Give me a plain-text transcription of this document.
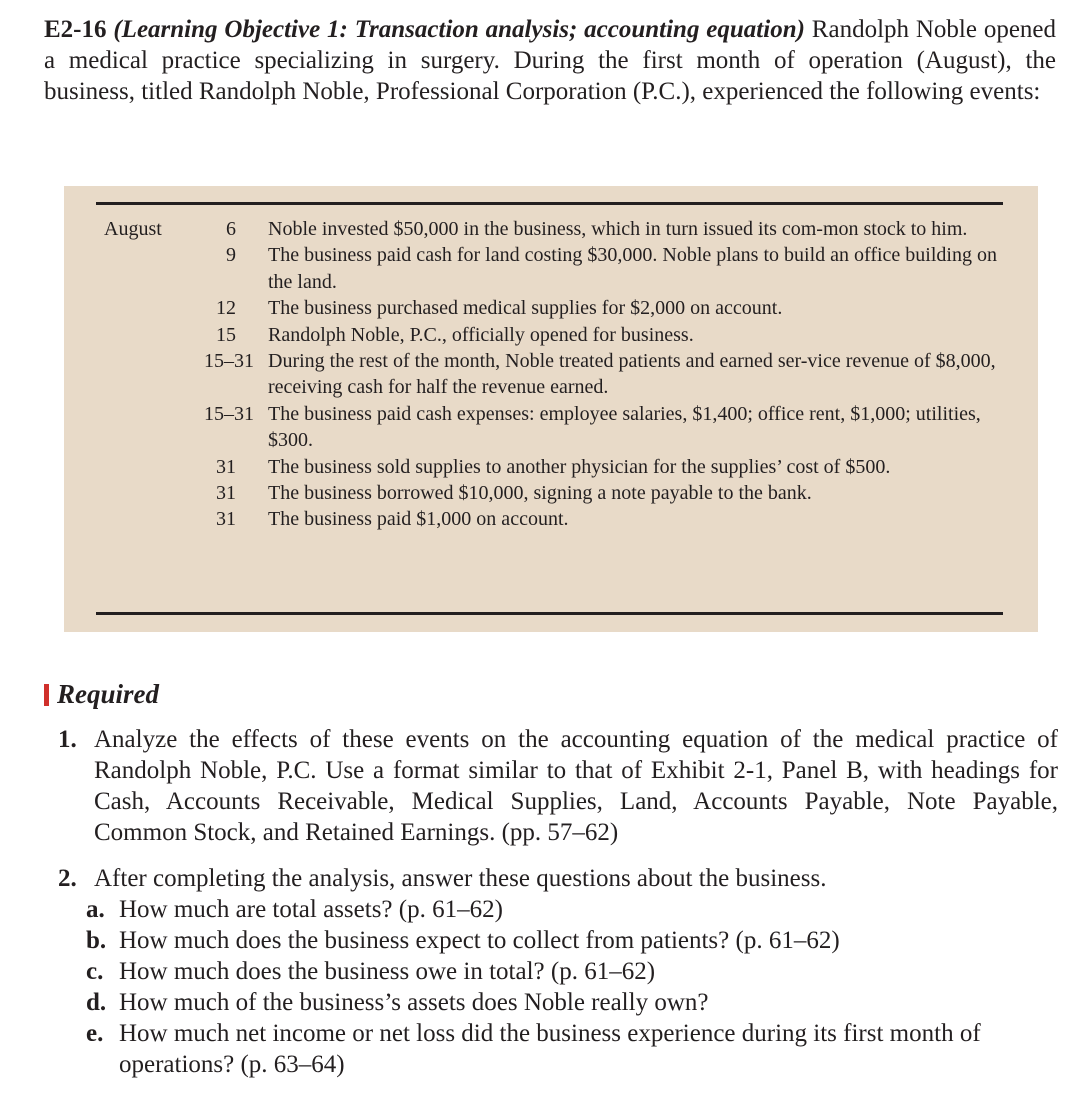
E2-16 (Learning Objective 1: Transaction analysis; accounting equation) Randolph Noble opened a medical practice specializing in surgery. During the first month of operation (August), the business, titled Randolph Noble, Professional Corporation (P.C.), experienced the following events:
August	6 Noble invested $50,000 in the business, which in turn issued its com-mon stock to him.
9 The business paid cash for land costing $30,000. Noble plans to build an office building on the land.
12 The business purchased medical supplies for $2,000 on account.
15 Randolph Noble, P.C., officially opened for business.
15–31 During the rest of the month, Noble treated patients and earned ser-vice revenue of $8,000, receiving cash for half the revenue earned.
15–31 The business paid cash expenses: employee salaries, $1,400; office rent, $1,000; utilities, $300.
31 The business sold supplies to another physician for the supplies’ cost of $500.
31 The business borrowed $10,000, signing a note payable to the bank.
31 The business paid $1,000 on account.
Required
1. Analyze the effects of these events on the accounting equation of the medical practice of Randolph Noble, P.C. Use a format similar to that of Exhibit 2-1, Panel B, with headings for Cash, Accounts Receivable, Medical Supplies, Land, Accounts Payable, Note Payable, Common Stock, and Retained Earnings. (pp. 57–62)
2. After completing the analysis, answer these questions about the business.
a. How much are total assets? (p. 61–62)
b. How much does the business expect to collect from patients? (p. 61–62)
c. How much does the business owe in total? (p. 61–62)
d. How much of the business’s assets does Noble really own?
e. How much net income or net loss did the business experience during its first month of operations? (p. 63–64)
